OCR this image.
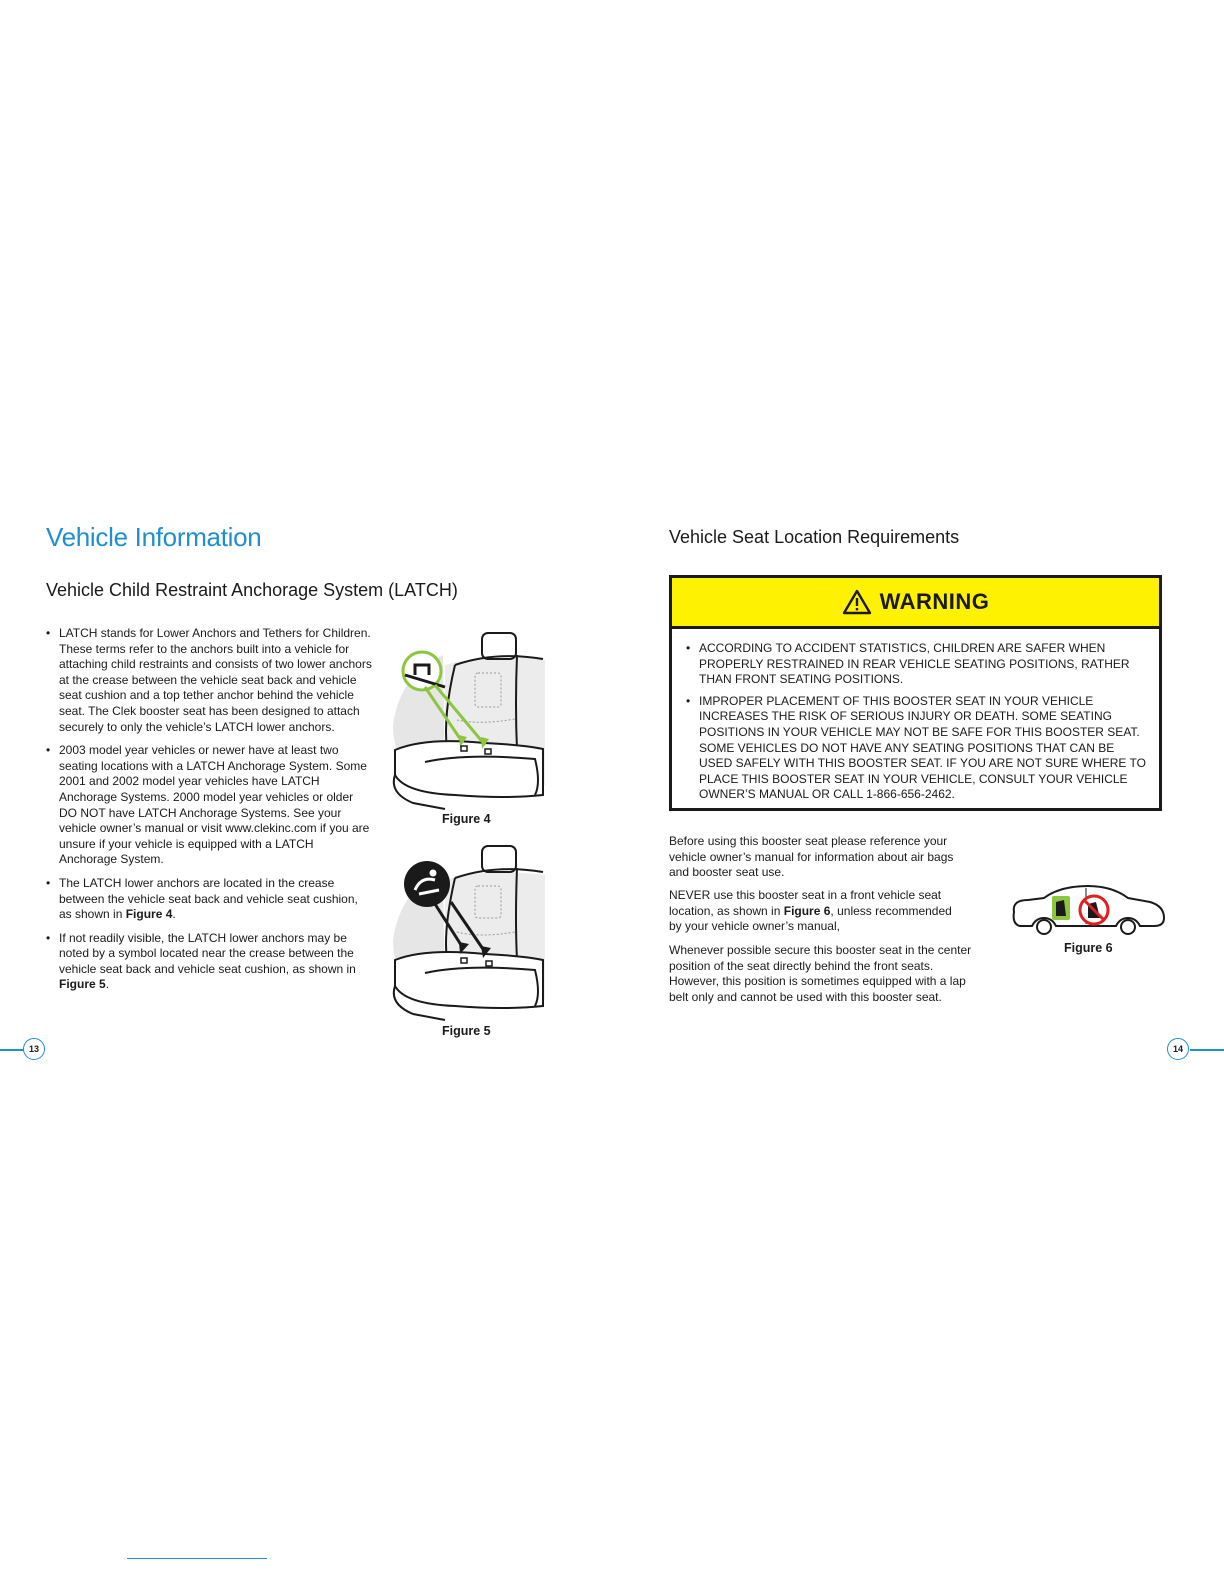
Vehicle Information
Vehicle Child Restraint Anchorage System (LATCH)
• LATCH stands for Lower Anchors and Tethers for Children. These terms refer to the anchors built into a vehicle for attaching child restraints and consists of two lower anchors at the crease between the vehicle seat back and vehicle seat cushion and a top tether anchor behind the vehicle seat. The Clek booster seat has been designed to attach securely to only the vehicle’s LATCH lower anchors.
• 2003 model year vehicles or newer have at least two seating locations with a LATCH Anchorage System. Some 2001 and 2002 model year vehicles have LATCH Anchorage Systems. 2000 model year vehicles or older DO NOT have LATCH Anchorage Systems. See your vehicle owner’s manual or visit www.clekinc.com if you are unsure if your vehicle is equipped with a LATCH Anchorage System.
• The LATCH lower anchors are located in the crease between the vehicle seat back and vehicle seat cushion, as shown in Figure 4.
• If not readily visible, the LATCH lower anchors may be noted by a symbol located near the crease between the vehicle seat back and vehicle seat cushion, as shown in Figure 5.
Figure 4
Figure 5
13
Vehicle Seat Location Requirements
WARNING
• ACCORDING TO ACCIDENT STATISTICS, CHILDREN ARE SAFER WHEN PROPERLY RESTRAINED IN REAR VEHICLE SEATING POSITIONS, RATHER THAN FRONT SEATING POSITIONS.
• IMPROPER PLACEMENT OF THIS BOOSTER SEAT IN YOUR VEHICLE INCREASES THE RISK OF SERIOUS INJURY OR DEATH. SOME SEATING POSITIONS IN YOUR VEHICLE MAY NOT BE SAFE FOR THIS BOOSTER SEAT. SOME VEHICLES DO NOT HAVE ANY SEATING POSITIONS THAT CAN BE USED SAFELY WITH THIS BOOSTER SEAT. IF YOU ARE NOT SURE WHERE TO PLACE THIS BOOSTER SEAT IN YOUR VEHICLE, CONSULT YOUR VEHICLE OWNER’S MANUAL OR CALL 1-866-656-2462.

Before using this booster seat please reference your vehicle owner’s manual for information about air bags and booster seat use.

NEVER use this booster seat in a front vehicle seat location, as shown in Figure 6, unless recommended by your vehicle owner’s manual,

Whenever possible secure this booster seat in the center position of the seat directly behind the front seats. However, this position is sometimes equipped with a lap belt only and cannot be used with this booster seat.

Figure 6
14
